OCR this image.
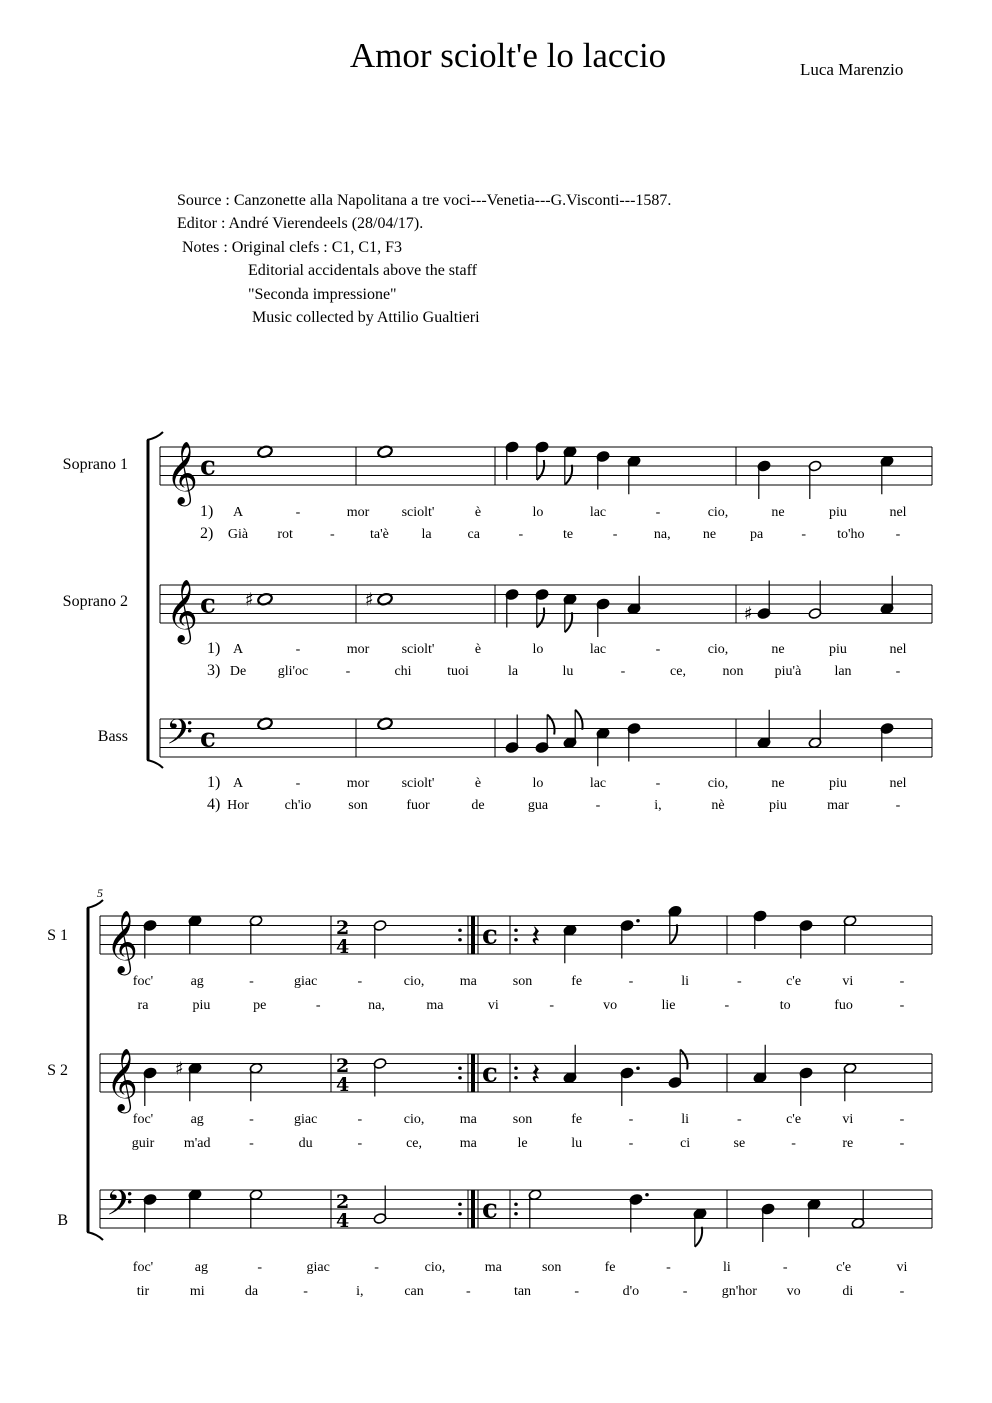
Amor sciolt'e lo laccio	Luca Marenzio
Source : Canzonette alla Napolitana a tre voci---Venetia---G.Visconti---1587.
Editor : André Vierendeels (28/04/17).
Notes : Original clefs : C1, C1, F3
Editorial accidentals above the staff
"Seconda impressione"
Music collected by Attilio Gualtieri
Soprano 1
Soprano 2
Bass
S 1
S 2
B
5
𝄞 c
𝄞 c
𝄢 c
𝄞	2
4	c
𝄞	2
4	c
𝄢	2
4	c
♯	♯
♯
𝄽
♯	𝄽
1) A	-	mor sciolt'	è	lo	lac	-	cio,	ne	piu	nel
2) Già rot	-	ta'è la	ca	-	te	-	na, ne pa	- to'ho -
1) A	-	mor sciolt'	è	lo	lac	-	cio,	ne	piu	nel
3) De gli'oc	-	chi	tuoi	la	lu	-	ce,	non piu'à lan	-
1) A	-	mor sciolt'	è	lo	lac	-	cio,	ne	piu	nel
4) Hor	ch'io	son	fuor	de	gua	-	i,	nè	piu	mar	-
foc'	ag	-	giac	-	cio,	ma	son	fe	-	li	-	c'e	vi	-
ra	piu	pe	-	na,	ma	vi	-	vo	lie	-	to	fuo	-
foc'	ag	-	giac	-	cio,	ma	son	fe	-	li	-	c'e	vi	-
guir m'ad	-	du	-	ce,	ma	le	lu	-	ci	se	-	re	-
foc'	ag	-	giac	-	cio,	ma	son	fe	-	li	-	c'e	vi
tir	mi	da	-	i,	can	-	tan	-	d'o	- gn'hor vo	di	-
